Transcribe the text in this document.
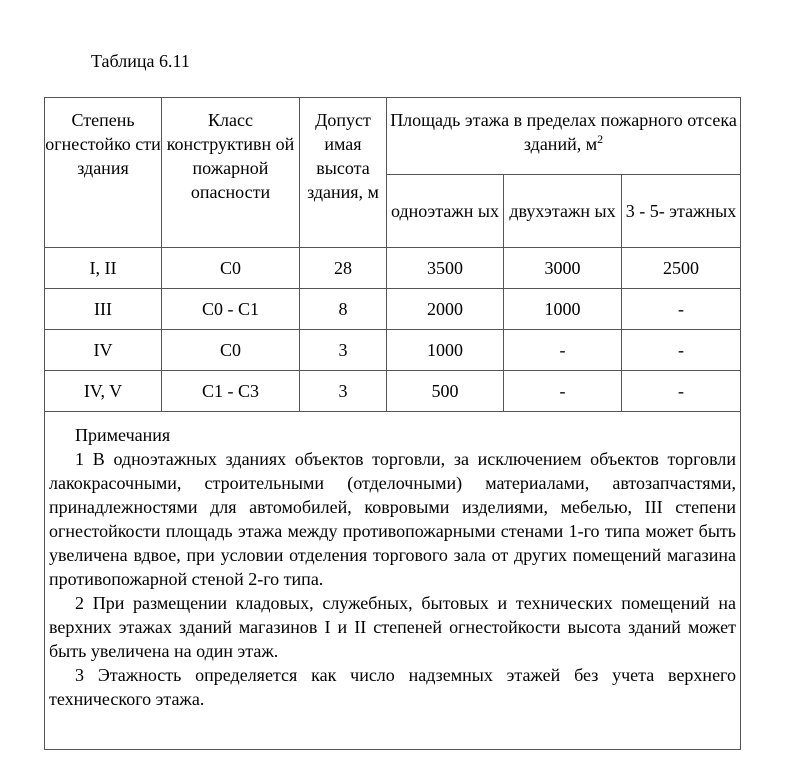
Таблица 6.11
Степень огнестойко сти здания	Класс конструктивн ой пожарной опасности	Допуст имая высота здания, м	Площадь этажа в пределах пожарного отсека зданий, $м^2$
			одноэтажн ых	двухэтажн ых	3 - 5- этажных
I, II	С0	28	3500	3000	2500
III	С0 - С1	8	2000	1000	-
IV	С0	3	1000	-	-
IV, V	С1 - С3	3	500	-	-

Примечания

1 В одноэтажных зданиях объектов торговли, за исключением объектов торговли лакокрасочными, строительными (отделочными) материалами, автозапчастями, принадлежностями для автомобилей, ковровыми изделиями, мебелью, III степени огнестойкости площадь этажа между противопожарными стенами 1-го типа может быть увеличена вдвое, при условии отделения торгового зала от других помещений магазина противопожарной стеной 2-го типа.

2 При размещении кладовых, служебных, бытовых и технических помещений на верхних этажах зданий магазинов I и II степеней огнестойкости высота зданий может быть увеличена на один этаж.

3 Этажность определяется как число надземных этажей без учета верхнего технического этажа.					
